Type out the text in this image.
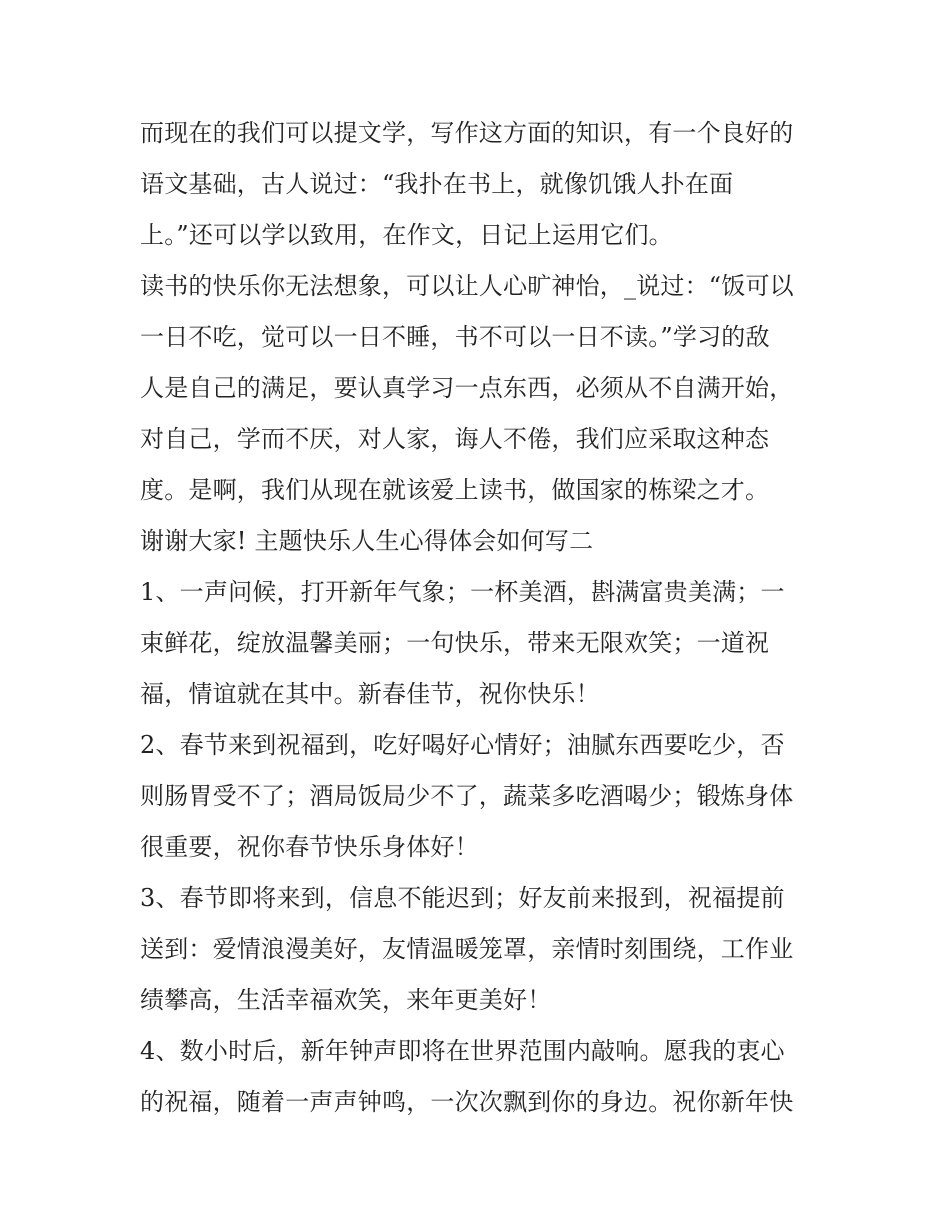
而现在的我们可以提文学，写作这方面的知识，有一个良好的
语文基础，古人说过：“我扑在书上，就像饥饿人扑在面
上。”还可以学以致用，在作文，日记上运用它们。
读书的快乐你无法想象，可以让人心旷神怡，_说过：“饭可以
一日不吃，觉可以一日不睡，书不可以一日不读。”学习的敌
人是自己的满足，要认真学习一点东西，必须从不自满开始，
对自己，学而不厌，对人家，诲人不倦，我们应采取这种态
度。是啊，我们从现在就该爱上读书，做国家的栋梁之才。
谢谢大家! 主题快乐人生心得体会如何写二
1、一声问候，打开新年气象；一杯美酒，斟满富贵美满；一
束鲜花，绽放温馨美丽；一句快乐，带来无限欢笑；一道祝
福，情谊就在其中。新春佳节，祝你快乐！
2、春节来到祝福到，吃好喝好心情好；油腻东西要吃少，否
则肠胃受不了；酒局饭局少不了，蔬菜多吃酒喝少；锻炼身体
很重要，祝你春节快乐身体好！
3、春节即将来到，信息不能迟到；好友前来报到，祝福提前
送到：爱情浪漫美好，友情温暖笼罩，亲情时刻围绕，工作业
绩攀高，生活幸福欢笑，来年更美好！
4、数小时后，新年钟声即将在世界范围内敲响。愿我的衷心
的祝福，随着一声声钟鸣，一次次飘到你的身边。祝你新年快
